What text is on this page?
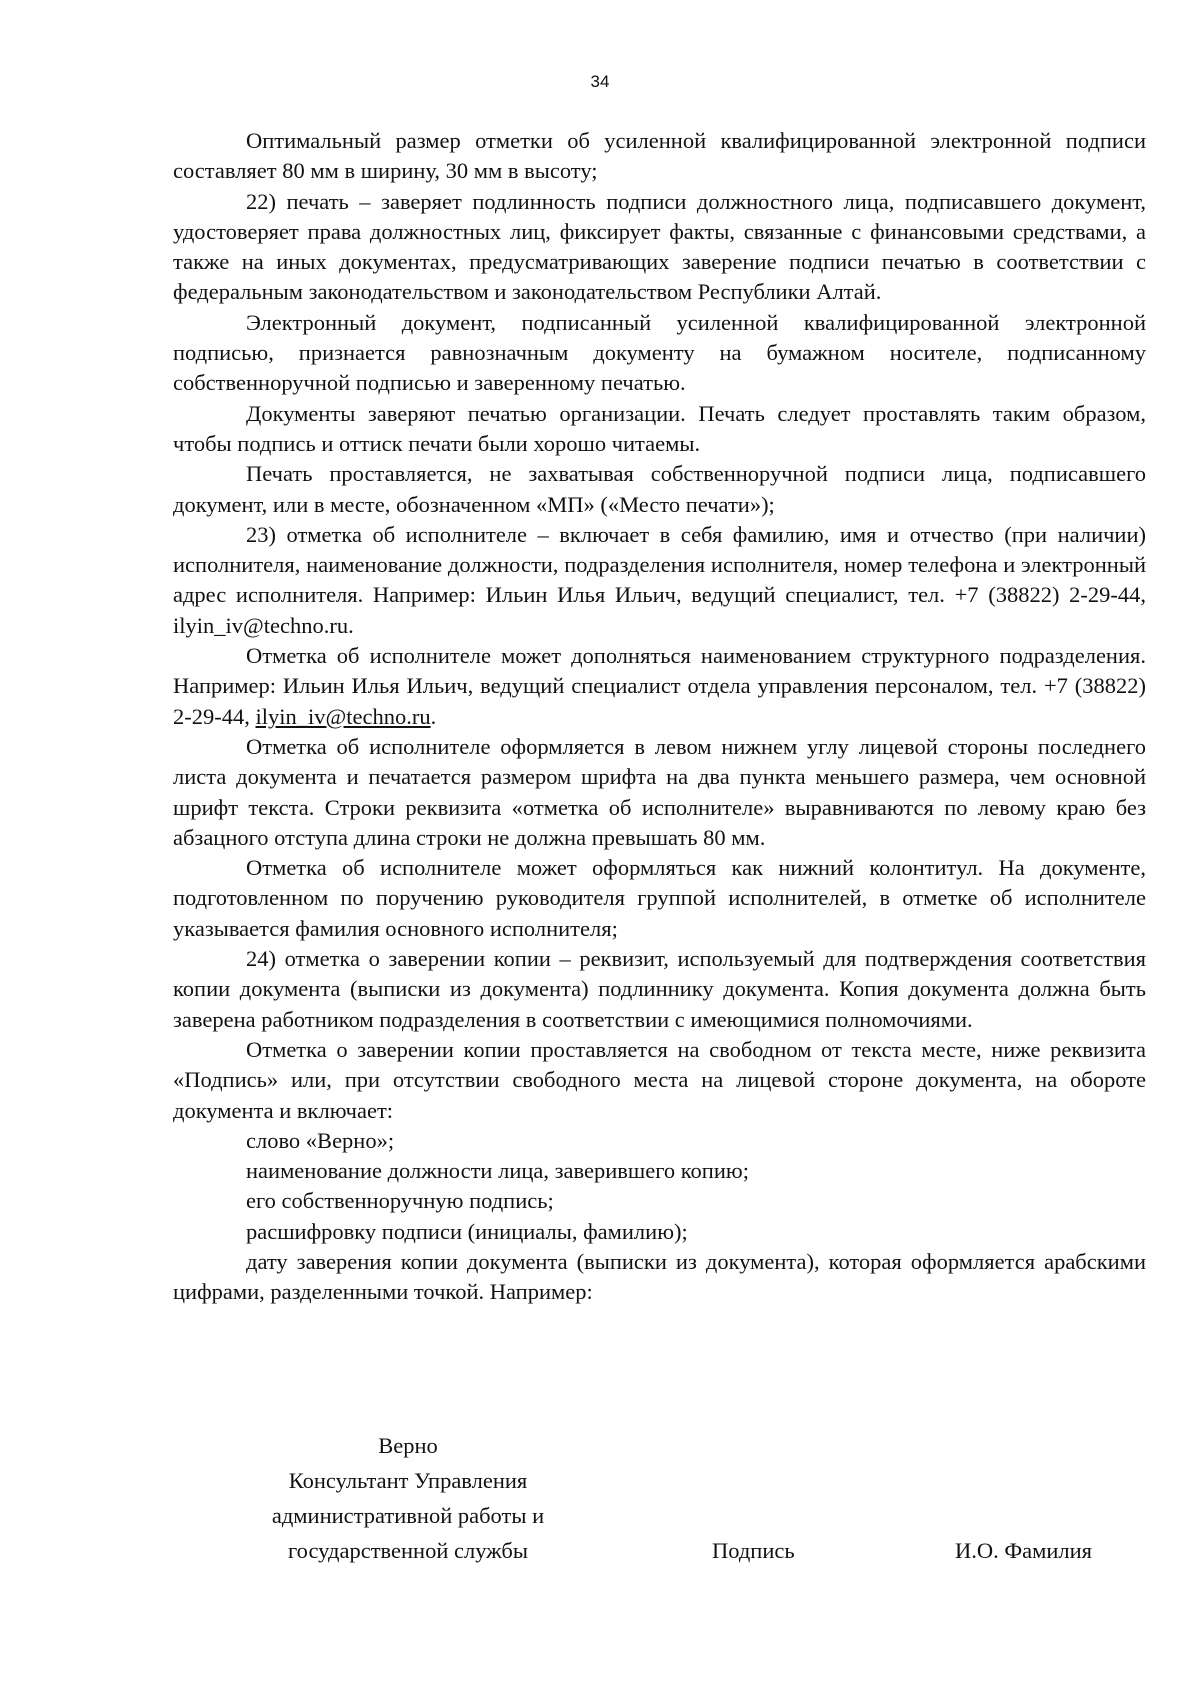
34

Оптимальный размер отметки об усиленной квалифицированной электронной подписи составляет 80 мм в ширину, 30 мм в высоту;

22) печать – заверяет подлинность подписи должностного лица, подписавшего документ, удостоверяет права должностных лиц, фиксирует факты, связанные с финансовыми средствами, а также на иных документах, предусматривающих заверение подписи печатью в соответствии с федеральным законодательством и законодательством Республики Алтай.

Электронный документ, подписанный усиленной квалифицированной электронной подписью, признается равнозначным документу на бумажном носителе, подписанному собственноручной подписью и заверенному печатью.

Документы заверяют печатью организации. Печать следует проставлять таким образом, чтобы подпись и оттиск печати были хорошо читаемы.

Печать проставляется, не захватывая собственноручной подписи лица, подписавшего документ, или в месте, обозначенном «МП» («Место печати»);

23) отметка об исполнителе – включает в себя фамилию, имя и отчество (при наличии) исполнителя, наименование должности, подразделения исполнителя, номер телефона и электронный адрес исполнителя. Например: Ильин Илья Ильич, ведущий специалист, тел. +7 (38822) 2-29-44, ilyin_iv@techno.ru.

Отметка об исполнителе может дополняться наименованием структурного подразделения. Например: Ильин Илья Ильич, ведущий специалист отдела управления персоналом, тел. +7 (38822) 2-29-44, ilyin_iv@techno.ru.

Отметка об исполнителе оформляется в левом нижнем углу лицевой стороны последнего листа документа и печатается размером шрифта на два пункта меньшего размера, чем основной шрифт текста. Строки реквизита «отметка об исполнителе» выравниваются по левому краю без абзацного отступа длина строки не должна превышать 80 мм.

Отметка об исполнителе может оформляться как нижний колонтитул. На документе, подготовленном по поручению руководителя группой исполнителей, в отметке об исполнителе указывается фамилия основного исполнителя;

24) отметка о заверении копии – реквизит, используемый для подтверждения соответствия копии документа (выписки из документа) подлиннику документа. Копия документа должна быть заверена работником подразделения в соответствии с имеющимися полномочиями.

Отметка о заверении копии проставляется на свободном от текста месте, ниже реквизита «Подпись» или, при отсутствии свободного места на лицевой стороне документа, на обороте документа и включает:

слово «Верно»;

наименование должности лица, заверившего копию;

его собственноручную подпись;

расшифровку подписи (инициалы, фамилию);

дату заверения копии документа (выписки из документа), которая оформляется арабскими цифрами, разделенными точкой. Например:

Верно
Консультант Управления
административной работы и
государственной службы	Подпись	И.О. Фамилия
